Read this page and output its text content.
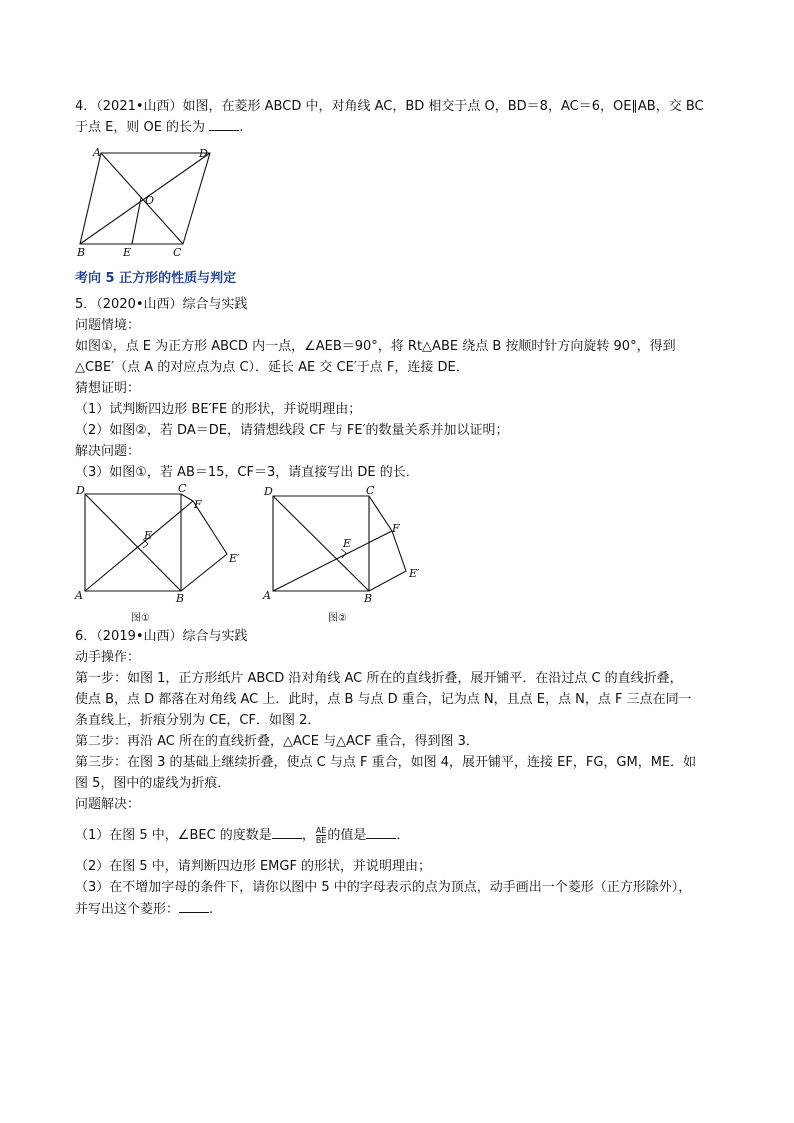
4．（2021•山西）如图，在菱形 ABCD 中，对角线 AC，BD 相交于点 O，BD＝8，AC＝6，OE∥AB，交 BC
于点 E，则 OE 的长为	.
A	D
O
B	E	C
考向 5 正方形的性质与判定
5．（2020•山西）综合与实践
问题情境：
如图①，点 E 为正方形 ABCD 内一点，∠AEB＝90°，将 Rt△ABE 绕点 B 按顺时针方向旋转 90°，得到
△CBE′（点 A 的对应点为点 C）．延长 AE 交 CE′于点 F，连接 DE．
猜想证明：
（1）试判断四边形 BE′FE 的形状，并说明理由；
（2）如图②，若 DA＝DE，请猜想线段 CF 与 FE′的数量关系并加以证明；
解决问题：
（3）如图①，若 AB＝15，CF＝3，请直接写出 DE 的长．
D	C
F
E
E′
A	B
图①
D	C
F
E
E′
A	B
图②
6．（2019•山西）综合与实践
动手操作：
第一步：如图 1，正方形纸片 ABCD 沿对角线 AC 所在的直线折叠，展开铺平．在沿过点 C 的直线折叠，
使点 B，点 D 都落在对角线 AC 上．此时，点 B 与点 D 重合，记为点 N，且点 E，点 N，点 F 三点在同一
条直线上，折痕分别为 CE，CF．如图 2．
第二步：再沿 AC 所在的直线折叠，△ACE 与△ACF 重合，得到图 3．
第三步：在图 3 的基础上继续折叠，使点 C 与点 F 重合，如图 4，展开铺平，连接 EF，FG，GM，ME．如
图 5，图中的虚线为折痕．
问题解决：
（1）在图 5 中，∠BEC 的度数是 ， $\frac{AE}{BE}$ 的值是 ．
（2）在图 5 中，请判断四边形 EMGF 的形状，并说明理由；
（3）在不增加字母的条件下，请你以图中 5 中的字母表示的点为顶点，动手画出一个菱形（正方形除外），
并写出这个菱形： .
